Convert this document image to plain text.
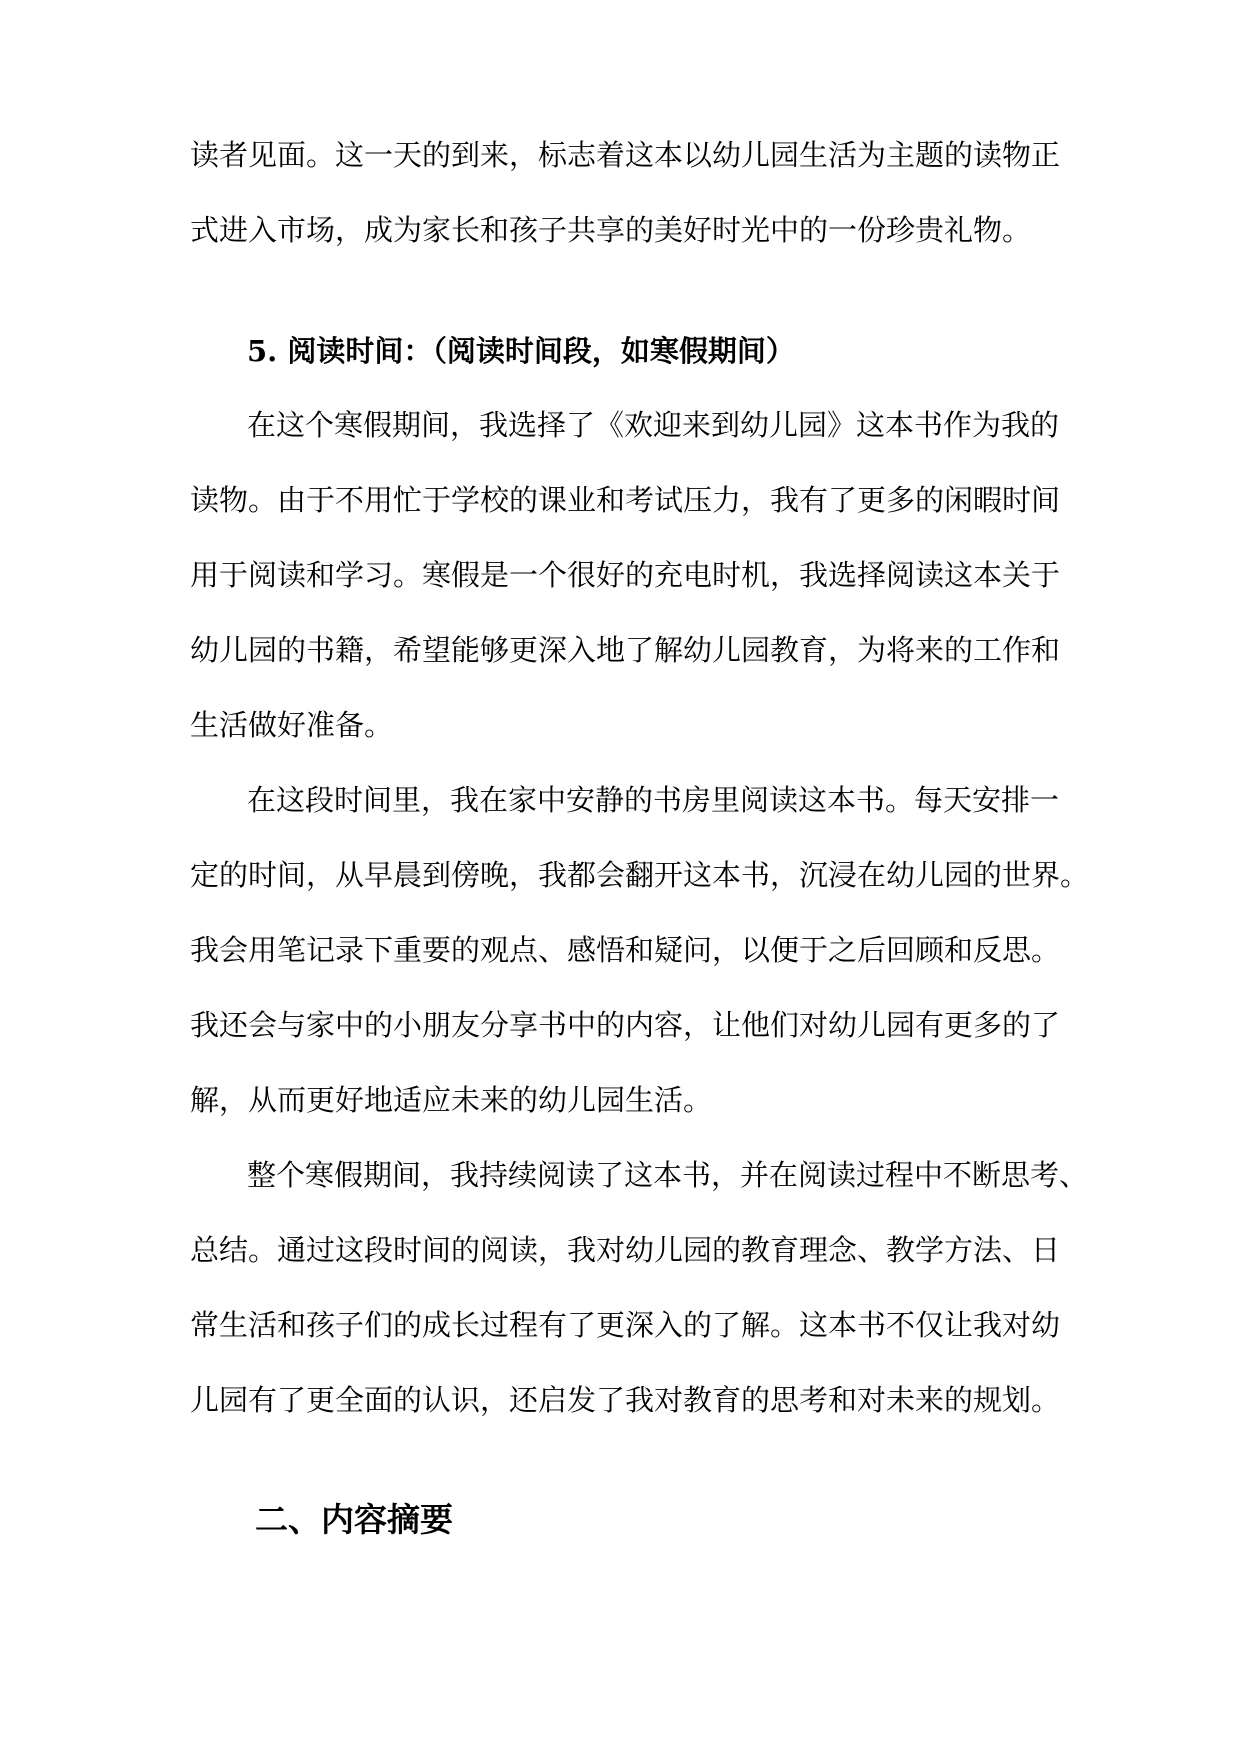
读者见面。这一天的到来，标志着这本以幼儿园生活为主题的读物正
式进入市场，成为家长和孩子共享的美好时光中的一份珍贵礼物。
5. 阅读时间：（阅读时间段，如寒假期间）
在这个寒假期间，我选择了《欢迎来到幼儿园》这本书作为我的
读物。由于不用忙于学校的课业和考试压力，我有了更多的闲暇时间
用于阅读和学习。寒假是一个很好的充电时机，我选择阅读这本关于
幼儿园的书籍，希望能够更深入地了解幼儿园教育，为将来的工作和
生活做好准备。
在这段时间里，我在家中安静的书房里阅读这本书。每天安排一
定的时间，从早晨到傍晚，我都会翻开这本书，沉浸在幼儿园的世界。
我会用笔记录下重要的观点、感悟和疑问，以便于之后回顾和反思。
我还会与家中的小朋友分享书中的内容，让他们对幼儿园有更多的了
解，从而更好地适应未来的幼儿园生活。
整个寒假期间，我持续阅读了这本书，并在阅读过程中不断思考、
总结。通过这段时间的阅读，我对幼儿园的教育理念、教学方法、日
常生活和孩子们的成长过程有了更深入的了解。这本书不仅让我对幼
儿园有了更全面的认识，还启发了我对教育的思考和对未来的规划。
二、内容摘要
